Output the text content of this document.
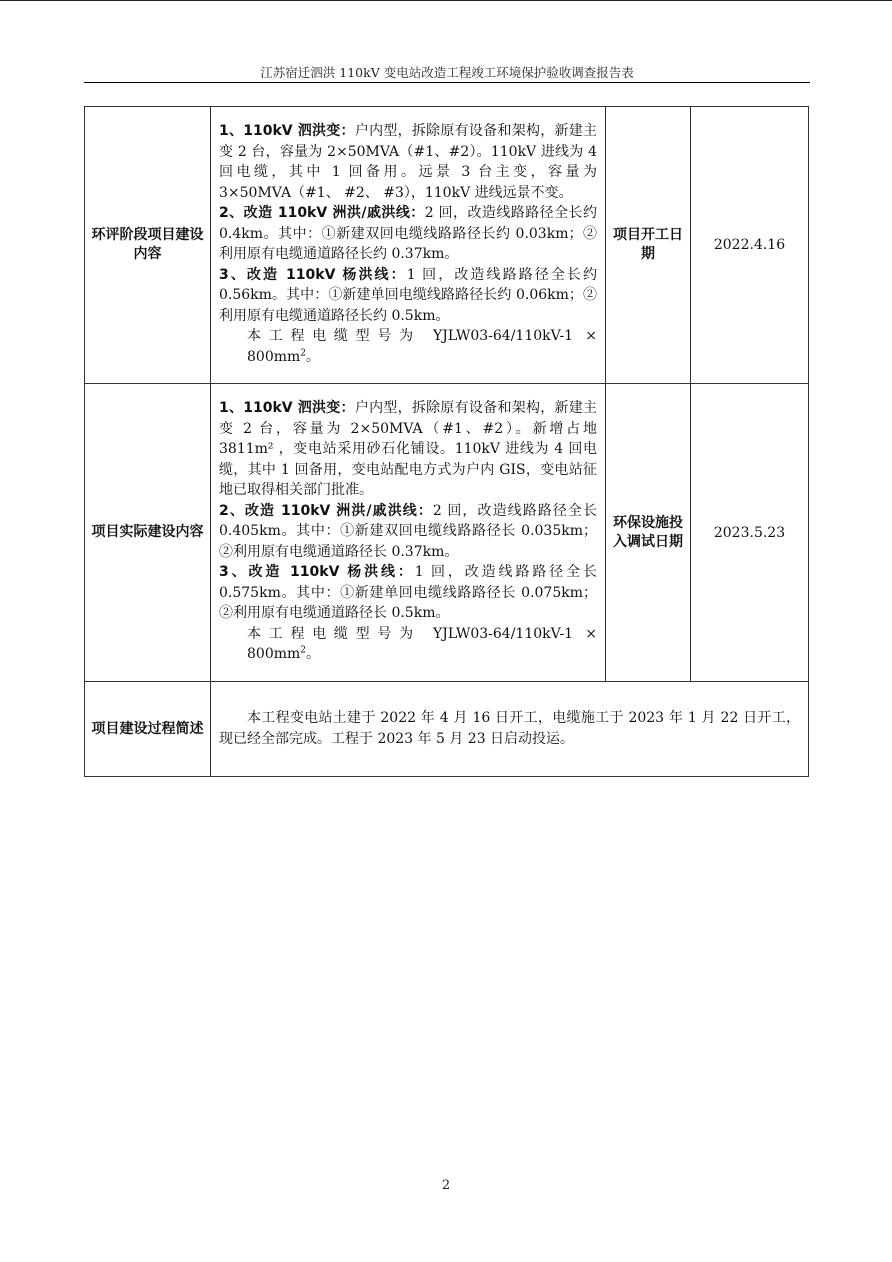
江苏宿迁泗洪 110kV 变电站改造工程竣工环境保护验收调查报告表
环评阶段项目建设内容	1、110kV 泗洪变：户内型，拆除原有设备和架构，新建主变 2 台，容量为 2×50MVA（#1、#2）。110kV 进线为 4 回电缆，其中 1 回备用。远景 3 台主变，容量为 3×50MVA（#1、 #2、 #3），110kV 进线远景不变。
2、改造 110kV 洲洪/戚洪线：2 回，改造线路路径全长约 0.4km。其中：①新建双回电缆线路路径长约 0.03km；②利用原有电缆通道路径长约 0.37km。
3、改造 110kV 杨洪线：1 回，改造线路路径全长约 0.56km。其中：①新建单回电缆线路路径长约 0.06km；②利用原有电缆通道路径长约 0.5km。
本工程电缆型号为 YJLW03-64/110kV-1 × $800mm^2$。	项目开工日期	2022.4.16
项目实际建设内容	1、110kV 泗洪变：户内型，拆除原有设备和架构，新建主变 2 台，容量为 2×50MVA（#1、#2）。新增占地 3811m² ，变电站采用砂石化铺设。110kV 进线为 4 回电缆，其中 1 回备用，变电站配电方式为户内 GIS，变电站征地已取得相关部门批准。
2、改造 110kV 洲洪/戚洪线：2 回，改造线路路径全长 0.405km。其中：①新建双回电缆线路路径长 0.035km；②利用原有电缆通道路径长 0.37km。
3、改造 110kV 杨洪线：1 回，改造线路路径全长 0.575km。其中：①新建单回电缆线路路径长 0.075km；②利用原有电缆通道路径长 0.5km。
本工程电缆型号为 YJLW03-64/110kV-1 × $800mm^2$。	环保设施投入调试日期	2023.5.23
项目建设过程简述	本工程变电站土建于 2022 年 4 月 16 日开工，电缆施工于 2023 年 1 月 22 日开工，现已经全部完成。工程于 2023 年 5 月 23 日启动投运。		
2
